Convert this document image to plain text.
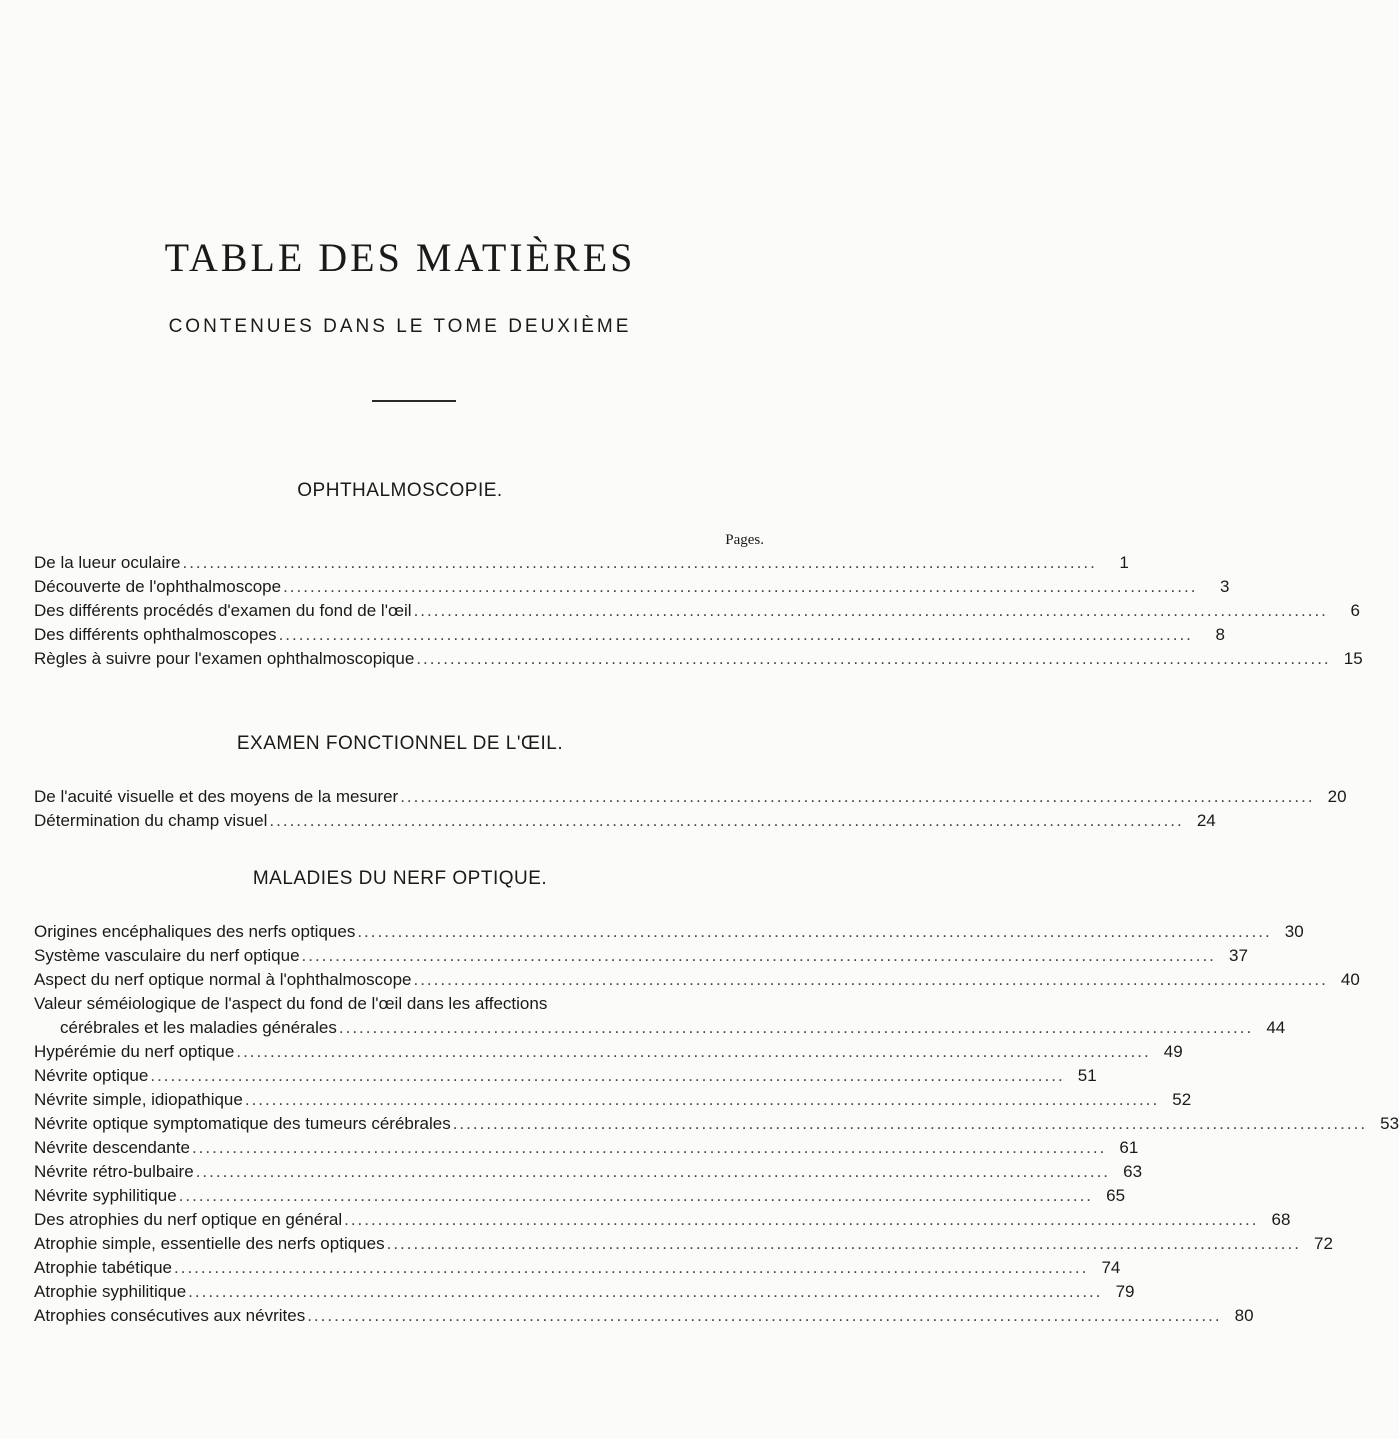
TABLE DES MATIÈRES
CONTENUES DANS LE TOME DEUXIÈME
Pages.
OPHTHALMOSCOPIE.
De la lueur oculaire ........................................................................................................................................	1
Découverte de l'ophthalmoscope ........................................................................................................................................	3
Des différents procédés d'examen du fond de l'œil ........................................................................................................................................	6
Des différents ophthalmoscopes ........................................................................................................................................	8
Règles à suivre pour l'examen ophthalmoscopique ........................................................................................................................................ 15
EXAMEN FONCTIONNEL DE L'ŒIL.
De l'acuité visuelle et des moyens de la mesurer ........................................................................................................................................ 20
Détermination du champ visuel ........................................................................................................................................ 24
MALADIES DU NERF OPTIQUE.
Origines encéphaliques des nerfs optiques ........................................................................................................................................ 30
Système vasculaire du nerf optique ........................................................................................................................................ 37
Aspect du nerf optique normal à l'ophthalmoscope ........................................................................................................................................ 40
Valeur séméiologique de l'aspect du fond de l'œil dans les affections
cérébrales et les maladies générales ........................................................................................................................................ 44
Hypérémie du nerf optique ........................................................................................................................................ 49
Névrite optique ........................................................................................................................................ 51
Névrite simple, idiopathique ........................................................................................................................................ 52
Névrite optique symptomatique des tumeurs cérébrales ........................................................................................................................................ 53
Névrite descendante ........................................................................................................................................ 61
Névrite rétro-bulbaire ........................................................................................................................................ 63
Névrite syphilitique ........................................................................................................................................ 65
Des atrophies du nerf optique en général ........................................................................................................................................ 68
Atrophie simple, essentielle des nerfs optiques ........................................................................................................................................ 72
Atrophie tabétique ........................................................................................................................................ 74
Atrophie syphilitique ........................................................................................................................................ 79
Atrophies consécutives aux névrites ........................................................................................................................................ 80
